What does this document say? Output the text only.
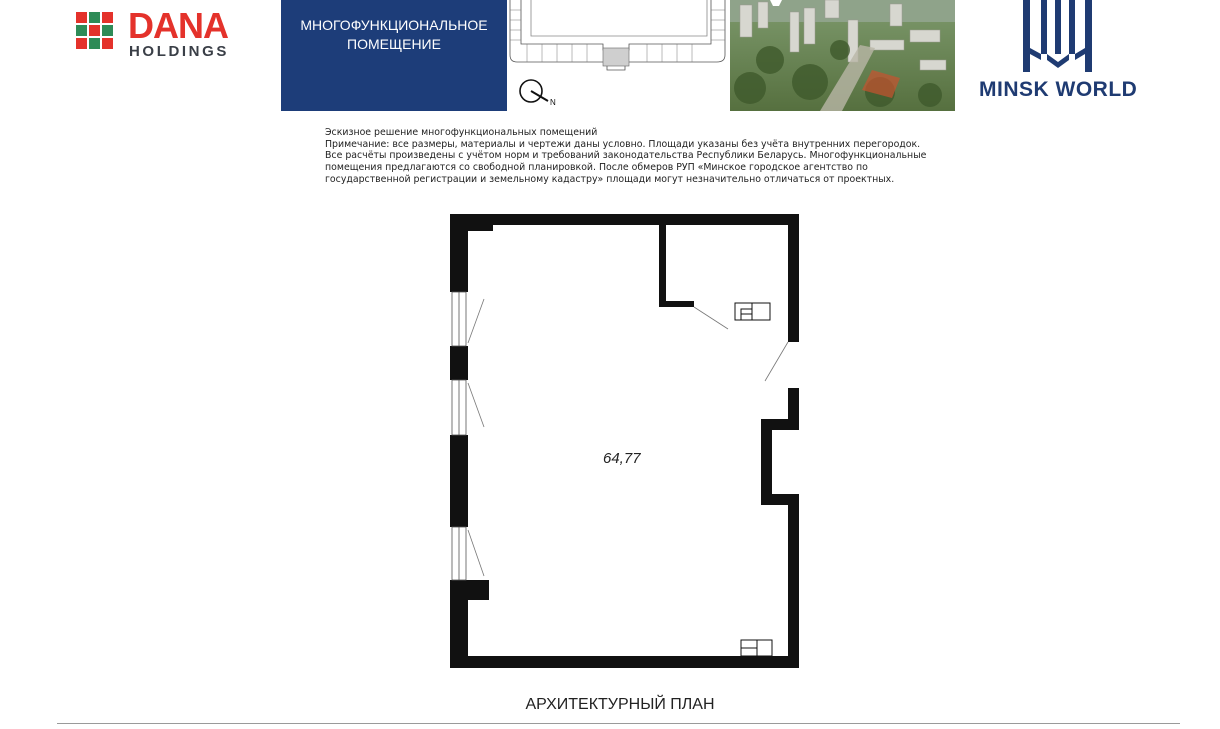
DANA
HOLDINGS
МНОГОФУНКЦИОНАЛЬНОЕ
ПОМЕЩЕНИЕ
N
MINSK WORLD
Эскизное решение многофункциональных помещений
Примечание: все размеры, материалы и чертежи даны условно. Площади указаны без учёта внутренних перегородок.
Все расчёты произведены с учётом норм и требований законодательства Республики Беларусь. Многофункциональные
помещения предлагаются со свободной планировкой. После обмеров РУП «Минское городское агентство по
государственной регистрации и земельному кадастру» площади могут незначительно отличаться от проектных.
64,77
АРХИТЕКТУРНЫЙ ПЛАН
